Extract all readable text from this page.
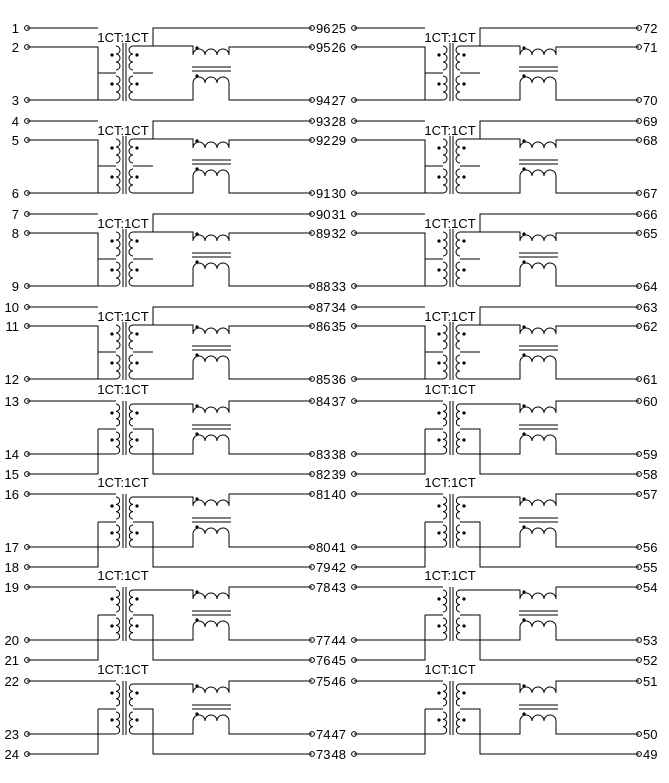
1
2
3
96
95
94
1CT:1CT
4
5
6
93
92
91
1CT:1CT
7
8
9
90
89
88
1CT:1CT
10
11
12
87
86
85
1CT:1CT
13
14
15
84
83
82
1CT:1CT
16
17
18
81
80
79
1CT:1CT
19
20
21
78
77
76
1CT:1CT
22
23
24
75
74
73
1CT:1CT
25
26
27
72
71
70
1CT:1CT
28
29
30
69
68
67
1CT:1CT
31
32
33
66
65
64
1CT:1CT
34
35
36
63
62
61
1CT:1CT
37
38
39
60
59
58
1CT:1CT
40
41
42
57
56
55
1CT:1CT
43
44
45
54
53
52
1CT:1CT
46
47
48
51
50
49
1CT:1CT
